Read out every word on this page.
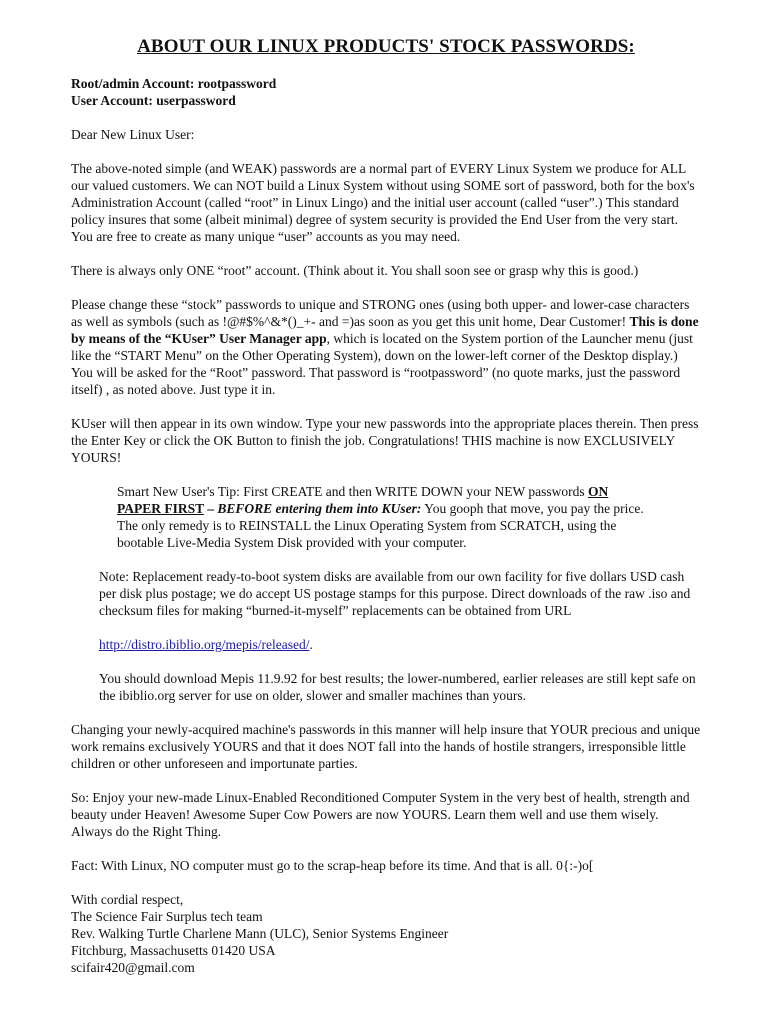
ABOUT OUR LINUX PRODUCTS' STOCK PASSWORDS:
Root/admin Account: rootpassword
User Account: userpassword
Dear New Linux User:
The above-noted simple (and WEAK) passwords are a normal part of EVERY Linux System we produce for ALL our valued customers. We can NOT build a Linux System without using SOME sort of password, both for the box's Administration Account (called “root” in Linux Lingo) and the initial user account (called “user”.) This standard policy insures that some (albeit minimal) degree of system security is provided the End User from the very start. You are free to create as many unique “user” accounts as you may need.
There is always only ONE “root” account. (Think about it. You shall soon see or grasp why this is good.)
Please change these “stock” passwords to unique and STRONG ones (using both upper- and lower-case characters as well as symbols (such as !@#$%^&*()_+- and =)as soon as you get this unit home, Dear Customer! This is done by means of the “KUser” User Manager app, which is located on the System portion of the Launcher menu (just like the “START Menu” on the Other Operating System), down on the lower-left corner of the Desktop display.) You will be asked for the “Root” password. That password is “rootpassword” (no quote marks, just the password itself) , as noted above. Just type it in.
KUser will then appear in its own window. Type your new passwords into the appropriate places therein. Then press the Enter Key or click the OK Button to finish the job. Congratulations! THIS machine is now EXCLUSIVELY YOURS!
Smart New User's Tip: First CREATE and then WRITE DOWN your NEW passwords ON PAPER FIRST – BEFORE entering them into KUser: You gooph that move, you pay the price. The only remedy is to REINSTALL the Linux Operating System from SCRATCH, using the bootable Live-Media System Disk provided with your computer.
Note: Replacement ready-to-boot system disks are available from our own facility for five dollars USD cash per disk plus postage; we do accept US postage stamps for this purpose. Direct downloads of the raw .iso and checksum files for making “burned-it-myself” replacements can be obtained from URL
http://distro.ibiblio.org/mepis/released/.
You should download Mepis 11.9.92 for best results; the lower-numbered, earlier releases are still kept safe on the ibiblio.org server for use on older, slower and smaller machines than yours.
Changing your newly-acquired machine's passwords in this manner will help insure that YOUR precious and unique work remains exclusively YOURS and that it does NOT fall into the hands of hostile strangers, irresponsible little children or other unforeseen and importunate parties.
So: Enjoy your new-made Linux-Enabled Reconditioned Computer System in the very best of health, strength and beauty under Heaven! Awesome Super Cow Powers are now YOURS. Learn them well and use them wisely. Always do the Right Thing.
Fact: With Linux, NO computer must go to the scrap-heap before its time. And that is all. 0{:-)o[
With cordial respect,
The Science Fair Surplus tech team
Rev. Walking Turtle Charlene Mann (ULC), Senior Systems Engineer
Fitchburg, Massachusetts 01420 USA
scifair420@gmail.com
